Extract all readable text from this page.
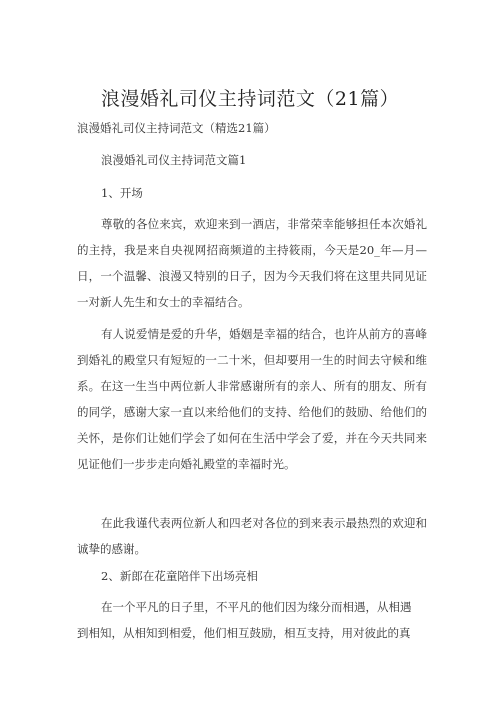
浪漫婚礼司仪主持词范文（21篇）
浪漫婚礼司仪主持词范文（精选21篇）
浪漫婚礼司仪主持词范文篇1
1、开场

尊敬的各位来宾，欢迎来到一酒店，非常荣幸能够担任本次婚礼的主持，我是来自央视网招商频道的主持筱雨，今天是20_年—月—日，一个温馨、浪漫又特别的日子，因为今天我们将在这里共同见证一对新人先生和女士的幸福结合。

有人说爱情是爱的升华，婚姻是幸福的结合，也许从前方的喜峰到婚礼的殿堂只有短短的一二十米，但却要用一生的时间去守候和维系。在这一生当中两位新人非常感谢所有的亲人、所有的朋友、所有的同学，感谢大家一直以来给他们的支持、给他们的鼓励、给他们的关怀，是你们让她们学会了如何在生活中学会了爱，并在今天共同来见证他们一步步走向婚礼殿堂的幸福时光。

在此我谨代表两位新人和四老对各位的到来表示最热烈的欢迎和诚挚的感谢。

2、新郎在花童陪伴下出场亮相
在一个平凡的日子里，不平凡的他们因为缘分而相遇，从相遇
到相知，从相知到相爱，他们相互鼓励，相互支持，用对彼此的真
